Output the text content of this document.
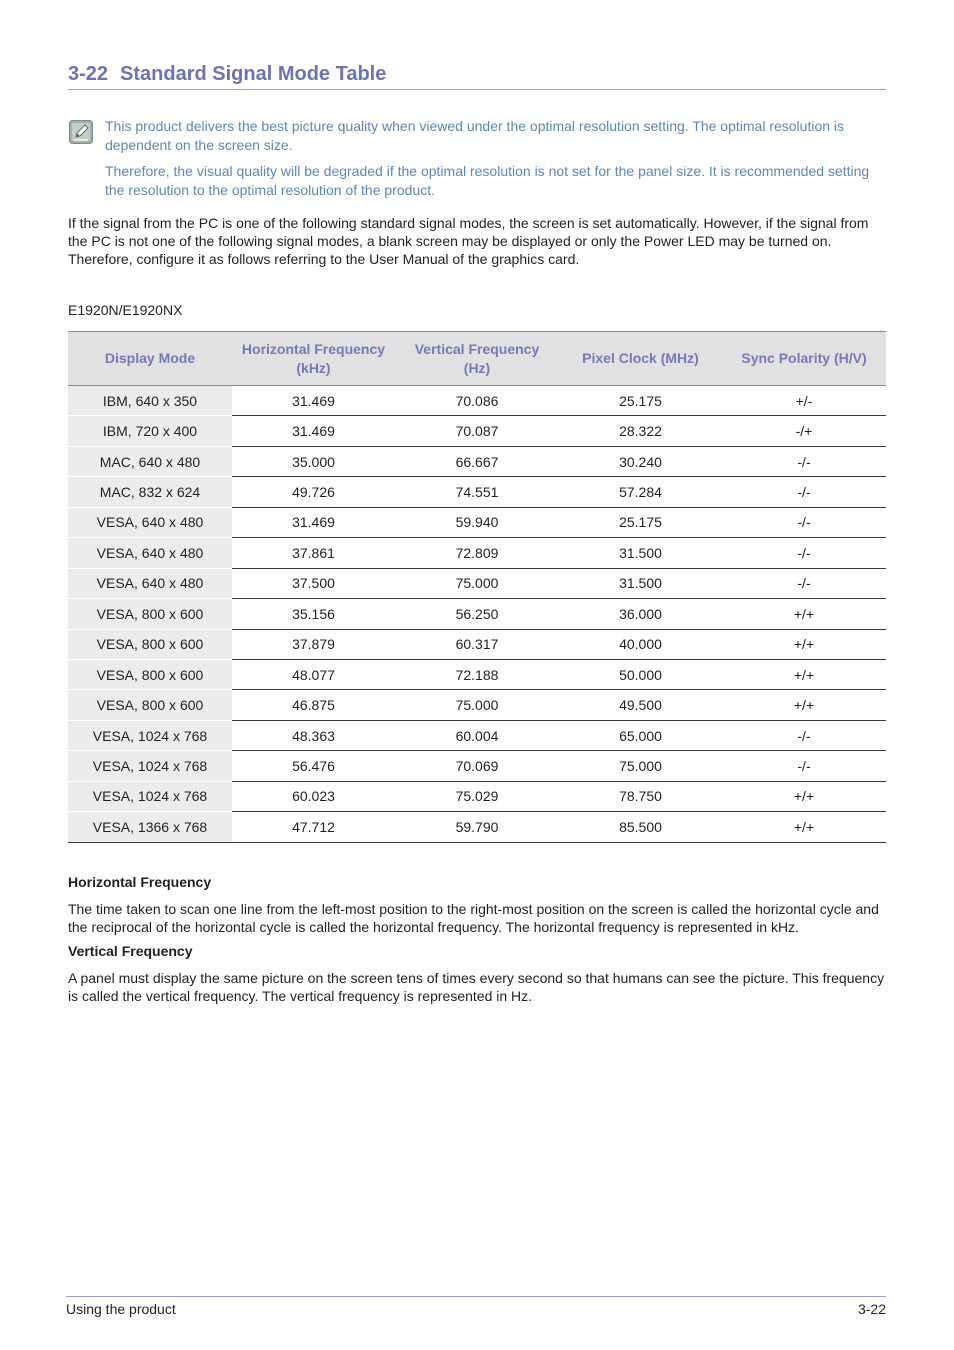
3-22 Standard Signal Mode Table

This product delivers the best picture quality when viewed under the optimal resolution setting. The optimal resolution is dependent on the screen size.

Therefore, the visual quality will be degraded if the optimal resolution is not set for the panel size. It is recommended setting the resolution to the optimal resolution of the product.

If the signal from the PC is one of the following standard signal modes, the screen is set automatically. However, if the signal from the PC is not one of the following signal modes, a blank screen may be displayed or only the Power LED may be turned on. Therefore, configure it as follows referring to the User Manual of the graphics card.

E1920N/E1920NX

Display Mode	Horizontal Frequency (kHz)	Vertical Frequency (Hz)	Pixel Clock (MHz)	Sync Polarity (H/V)
IBM, 640 x 350	31.469	70.086	25.175	+/-
IBM, 720 x 400	31.469	70.087	28.322	-/+
MAC, 640 x 480	35.000	66.667	30.240	-/-
MAC, 832 x 624	49.726	74.551	57.284	-/-
VESA, 640 x 480	31.469	59.940	25.175	-/-
VESA, 640 x 480	37.861	72.809	31.500	-/-
VESA, 640 x 480	37.500	75.000	31.500	-/-
VESA, 800 x 600	35.156	56.250	36.000	+/+
VESA, 800 x 600	37.879	60.317	40.000	+/+
VESA, 800 x 600	48.077	72.188	50.000	+/+
VESA, 800 x 600	46.875	75.000	49.500	+/+
VESA, 1024 x 768	48.363	60.004	65.000	-/-
VESA, 1024 x 768	56.476	70.069	75.000	-/-
VESA, 1024 x 768	60.023	75.029	78.750	+/+
VESA, 1366 x 768	47.712	59.790	85.500	+/+

Horizontal Frequency

The time taken to scan one line from the left-most position to the right-most position on the screen is called the horizontal cycle and the reciprocal of the horizontal cycle is called the horizontal frequency. The horizontal frequency is represented in kHz.

Vertical Frequency

A panel must display the same picture on the screen tens of times every second so that humans can see the picture. This frequency is called the vertical frequency. The vertical frequency is represented in Hz.

Using the product	3-22
